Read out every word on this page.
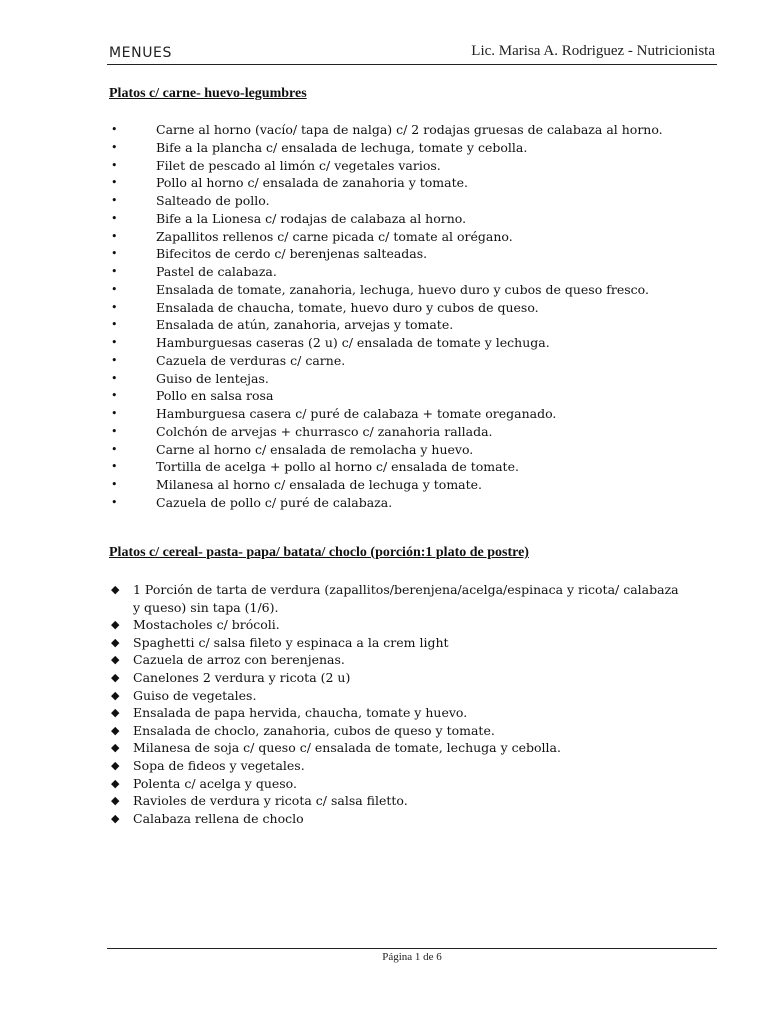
MENUES	Lic. Marisa A. Rodriguez - Nutricionista
Platos c/ carne- huevo-legumbres
•	Carne al horno (vacío/ tapa de nalga) c/ 2 rodajas gruesas de calabaza al horno.
•	Bife a la plancha c/ ensalada de lechuga, tomate y cebolla.
•	Filet de pescado al limón c/ vegetales varios.
•	Pollo al horno c/ ensalada de zanahoria y tomate.
•	Salteado de pollo.
•	Bife a la Lionesa c/ rodajas de calabaza al horno.
•	Zapallitos rellenos c/ carne picada c/ tomate al orégano.
•	Bifecitos de cerdo c/ berenjenas salteadas.
•	Pastel de calabaza.
•	Ensalada de tomate, zanahoria, lechuga, huevo duro y cubos de queso fresco.
•	Ensalada de chaucha, tomate, huevo duro y cubos de queso.
•	Ensalada de atún, zanahoria, arvejas y tomate.
•	Hamburguesas caseras (2 u) c/ ensalada de tomate y lechuga.
•	Cazuela de verduras c/ carne.
•	Guiso de lentejas.
•	Pollo en salsa rosa
•	Hamburguesa casera c/ puré de calabaza + tomate oreganado.
•	Colchón de arvejas + churrasco c/ zanahoria rallada.
•	Carne al horno c/ ensalada de remolacha y huevo.
•	Tortilla de acelga + pollo al horno c/ ensalada de tomate.
•	Milanesa al horno c/ ensalada de lechuga y tomate.
•	Cazuela de pollo c/ puré de calabaza.
Platos c/ cereal- pasta- papa/ batata/ choclo (porción:1 plato de postre)
◆ 1 Porción de tarta de verdura (zapallitos/berenjena/acelga/espinaca y ricota/ calabaza y queso) sin tapa (1/6).
◆ Mostacholes c/ brócoli.
◆ Spaghetti c/ salsa fileto y espinaca a la crem light
◆ Cazuela de arroz con berenjenas.
◆ Canelones 2 verdura y ricota (2 u)
◆ Guiso de vegetales.
◆ Ensalada de papa hervida, chaucha, tomate y huevo.
◆ Ensalada de choclo, zanahoria, cubos de queso y tomate.
◆ Milanesa de soja c/ queso c/ ensalada de tomate, lechuga y cebolla.
◆ Sopa de fideos y vegetales.
◆ Polenta c/ acelga y queso.
◆ Ravioles de verdura y ricota c/ salsa filetto.
◆ Calabaza rellena de choclo
Página 1 de 6
